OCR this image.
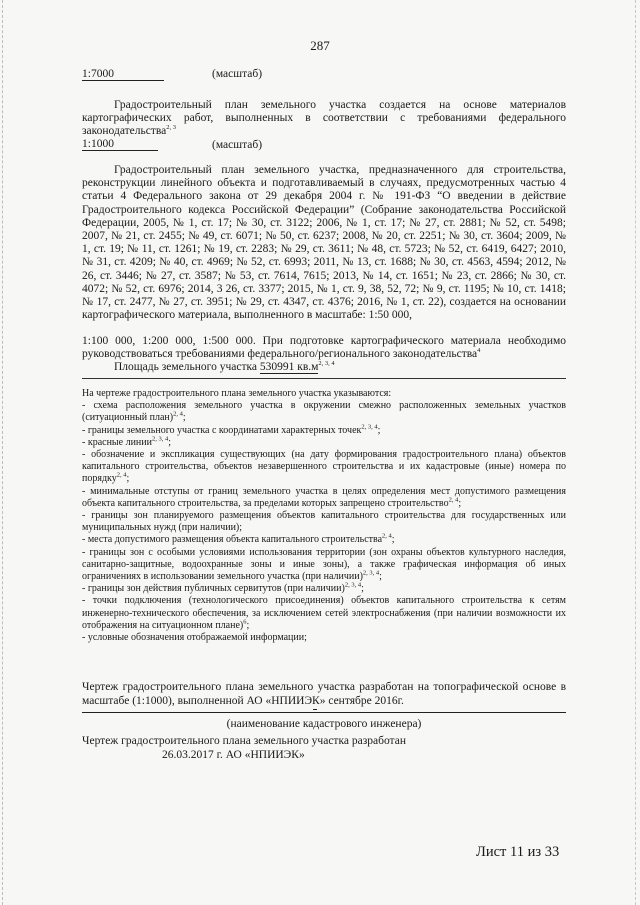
287
1:7000	(масштаб)
Градостроительный план земельного участка создается на основе материалов картографических работ, выполненных в соответствии с требованиями федерального законодательства$^{2, 3}$
1:1000	(масштаб)
Градостроительный план земельного участка, предназначенного для строительства, реконструкции линейного объекта и подготавливаемый в случаях, предусмотренных частью 4 статьи 4 Федерального закона от 29 декабря 2004 г. № 191-ФЗ “О введении в действие Градостроительного кодекса Российской Федерации” (Собрание законодательства Российской Федерации, 2005, № 1, ст. 17; № 30, ст. 3122; 2006, № 1, ст. 17; № 27, ст. 2881; № 52, ст. 5498; 2007, № 21, ст. 2455; № 49, ст. 6071; № 50, ст. 6237; 2008, № 20, ст. 2251; № 30, ст. 3604; 2009, № 1, ст. 19; № 11, ст. 1261; № 19, ст. 2283; № 29, ст. 3611; № 48, ст. 5723; № 52, ст. 6419, 6427; 2010, № 31, ст. 4209; № 40, ст. 4969; № 52, ст. 6993; 2011, № 13, ст. 1688; № 30, ст. 4563, 4594; 2012, № 26, ст. 3446; № 27, ст. 3587; № 53, ст. 7614, 7615; 2013, № 14, ст. 1651; № 23, ст. 2866; № 30, ст. 4072; № 52, ст. 6976; 2014, 3 26, ст. 3377; 2015, № 1, ст. 9, 38, 52, 72; № 9, ст. 1195; № 10, ст. 1418; № 17, ст. 2477, № 27, ст. 3951; № 29, ст. 4347, ст. 4376; 2016, № 1, ст. 22), создается на основании картографического материала, выполненного в масштабе: 1:50 000,
1:100 000, 1:200 000, 1:500 000. При подготовке картографического материала необходимо руководствоваться требованиями федерального/регионального законодательства$^4$
Площадь земельного участка 530991 $кв.м^{2, 3, 4}$
На чертеже градостроительного плана земельного участка указываются:
- схема расположения земельного участка в окружении смежно расположенных земельных участков (ситуационный план)$^{2, 4}$;
- границы земельного участка с координатами характерных точек$^{2, 3, 4}$;
- красные линии$^{2, 3, 4}$;
- обозначение и экспликация существующих (на дату формирования градостроительного плана) объектов капитального строительства, объектов незавершенного строительства и их кадастровые (иные) номера по порядку$^{2, 4}$;
- минимальные отступы от границ земельного участка в целях определения мест допустимого размещения объекта капитального строительства, за пределами которых запрещено строительство$^{2, 4}$;
- границы зон планируемого размещения объектов капитального строительства для государственных или муниципальных нужд (при наличии);
- места допустимого размещения объекта капитального строительства$^{2, 4}$;
- границы зон с особыми условиями использования территории (зон охраны объектов культурного наследия, санитарно-защитные, водоохранные зоны и иные зоны), а также графическая информация об иных ограничениях в использовании земельного участка (при наличии)$^{2, 3, 4}$;
- границы зон действия публичных сервитутов (при наличии)$^{2, 3, 4}$;
- точки подключения (технологического присоединения) объектов капитального строительства к сетям инженерно-технического обеспечения, за исключением сетей электроснабжения (при наличии возможности их отображения на ситуационном плане)$^6$;
- условные обозначения отображаемой информации;
Чертеж градостроительного плана земельного участка разработан на топографической основе в масштабе (1:1000), выполненной АО «НПИИЭК» сентябре 2016г.
(наименование кадастрового инженера)
Чертеж градостроительного плана земельного участка разработан
26.03.2017 г. АО «НПИИЭК»
Лист 11 из 33
